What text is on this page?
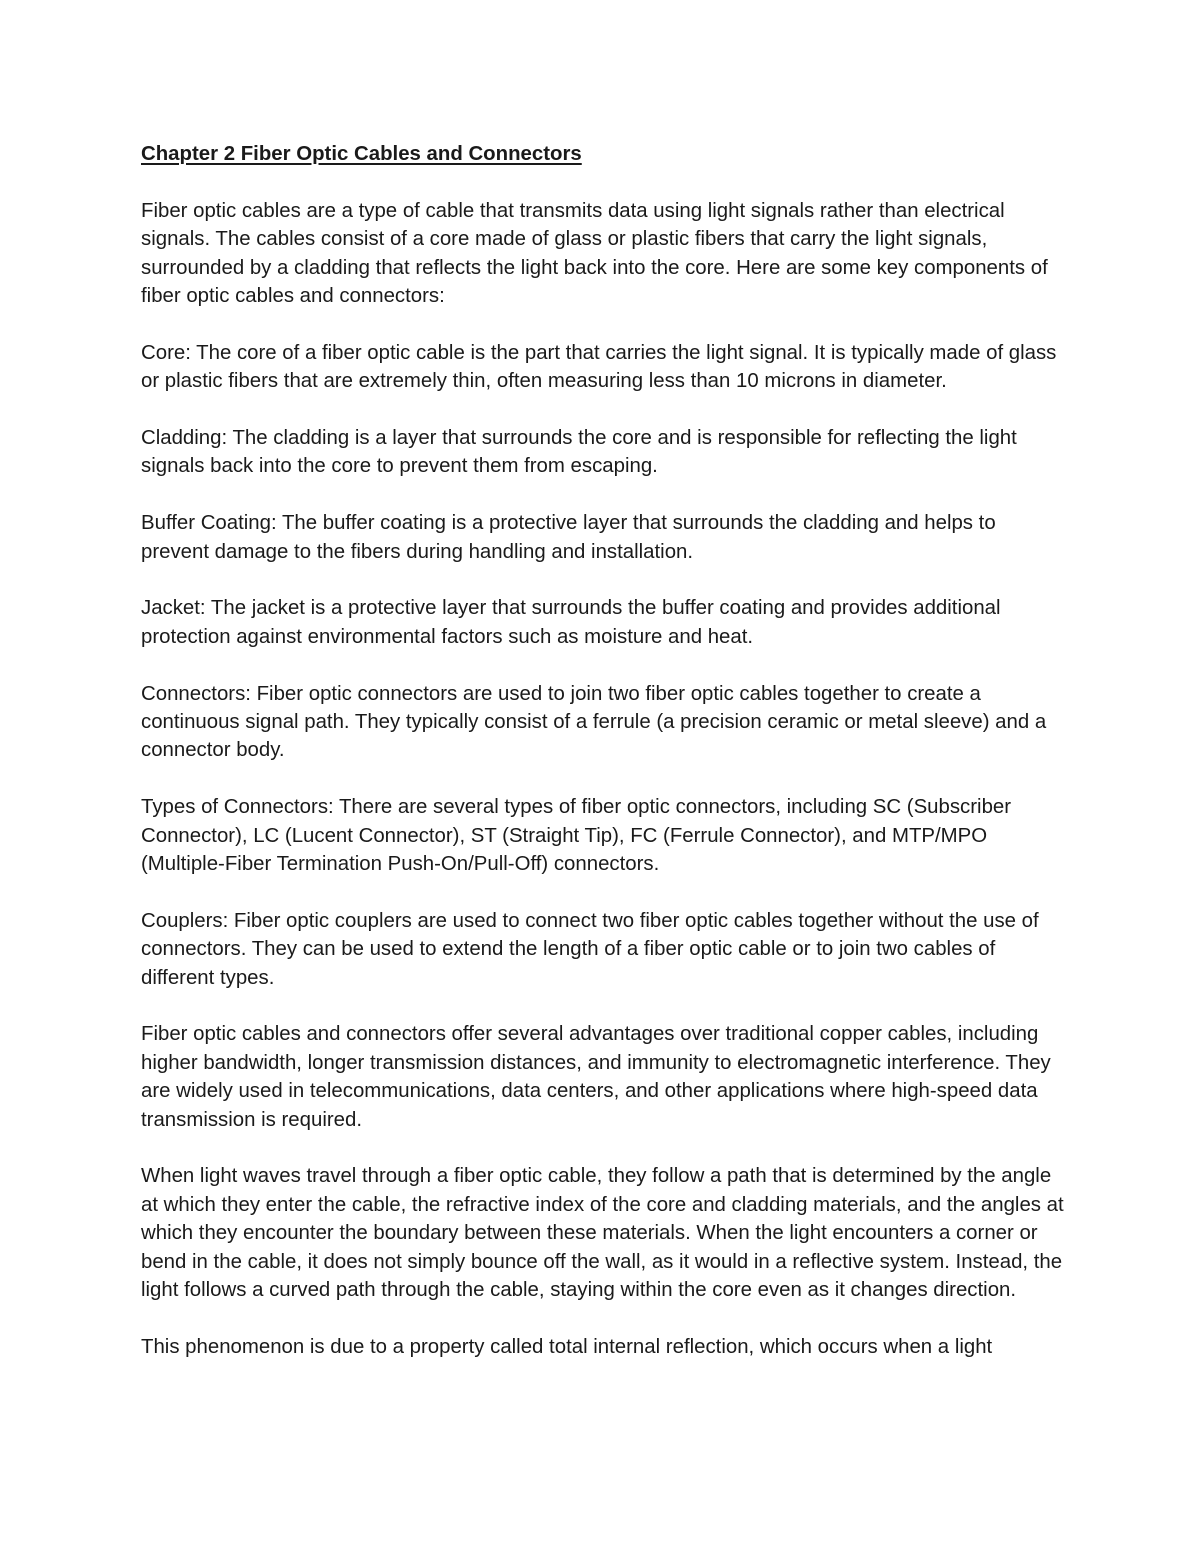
Chapter 2 Fiber Optic Cables and Connectors

Fiber optic cables are a type of cable that transmits data using light signals rather than electrical signals. The cables consist of a core made of glass or plastic fibers that carry the light signals, surrounded by a cladding that reflects the light back into the core. Here are some key components of fiber optic cables and connectors:

Core: The core of a fiber optic cable is the part that carries the light signal. It is typically made of glass or plastic fibers that are extremely thin, often measuring less than 10 microns in diameter.

Cladding: The cladding is a layer that surrounds the core and is responsible for reflecting the light signals back into the core to prevent them from escaping.

Buffer Coating: The buffer coating is a protective layer that surrounds the cladding and helps to prevent damage to the fibers during handling and installation.

Jacket: The jacket is a protective layer that surrounds the buffer coating and provides additional protection against environmental factors such as moisture and heat.

Connectors: Fiber optic connectors are used to join two fiber optic cables together to create a continuous signal path. They typically consist of a ferrule (a precision ceramic or metal sleeve) and a connector body.

Types of Connectors: There are several types of fiber optic connectors, including SC (Subscriber Connector), LC (Lucent Connector), ST (Straight Tip), FC (Ferrule Connector), and MTP/MPO (Multiple-Fiber Termination Push-On/Pull-Off) connectors.

Couplers: Fiber optic couplers are used to connect two fiber optic cables together without the use of connectors. They can be used to extend the length of a fiber optic cable or to join two cables of different types.

Fiber optic cables and connectors offer several advantages over traditional copper cables, including higher bandwidth, longer transmission distances, and immunity to electromagnetic interference. They are widely used in telecommunications, data centers, and other applications where high-speed data transmission is required.

When light waves travel through a fiber optic cable, they follow a path that is determined by the angle at which they enter the cable, the refractive index of the core and cladding materials, and the angles at which they encounter the boundary between these materials. When the light encounters a corner or bend in the cable, it does not simply bounce off the wall, as it would in a reflective system. Instead, the light follows a curved path through the cable, staying within the core even as it changes direction.

This phenomenon is due to a property called total internal reflection, which occurs when a light
